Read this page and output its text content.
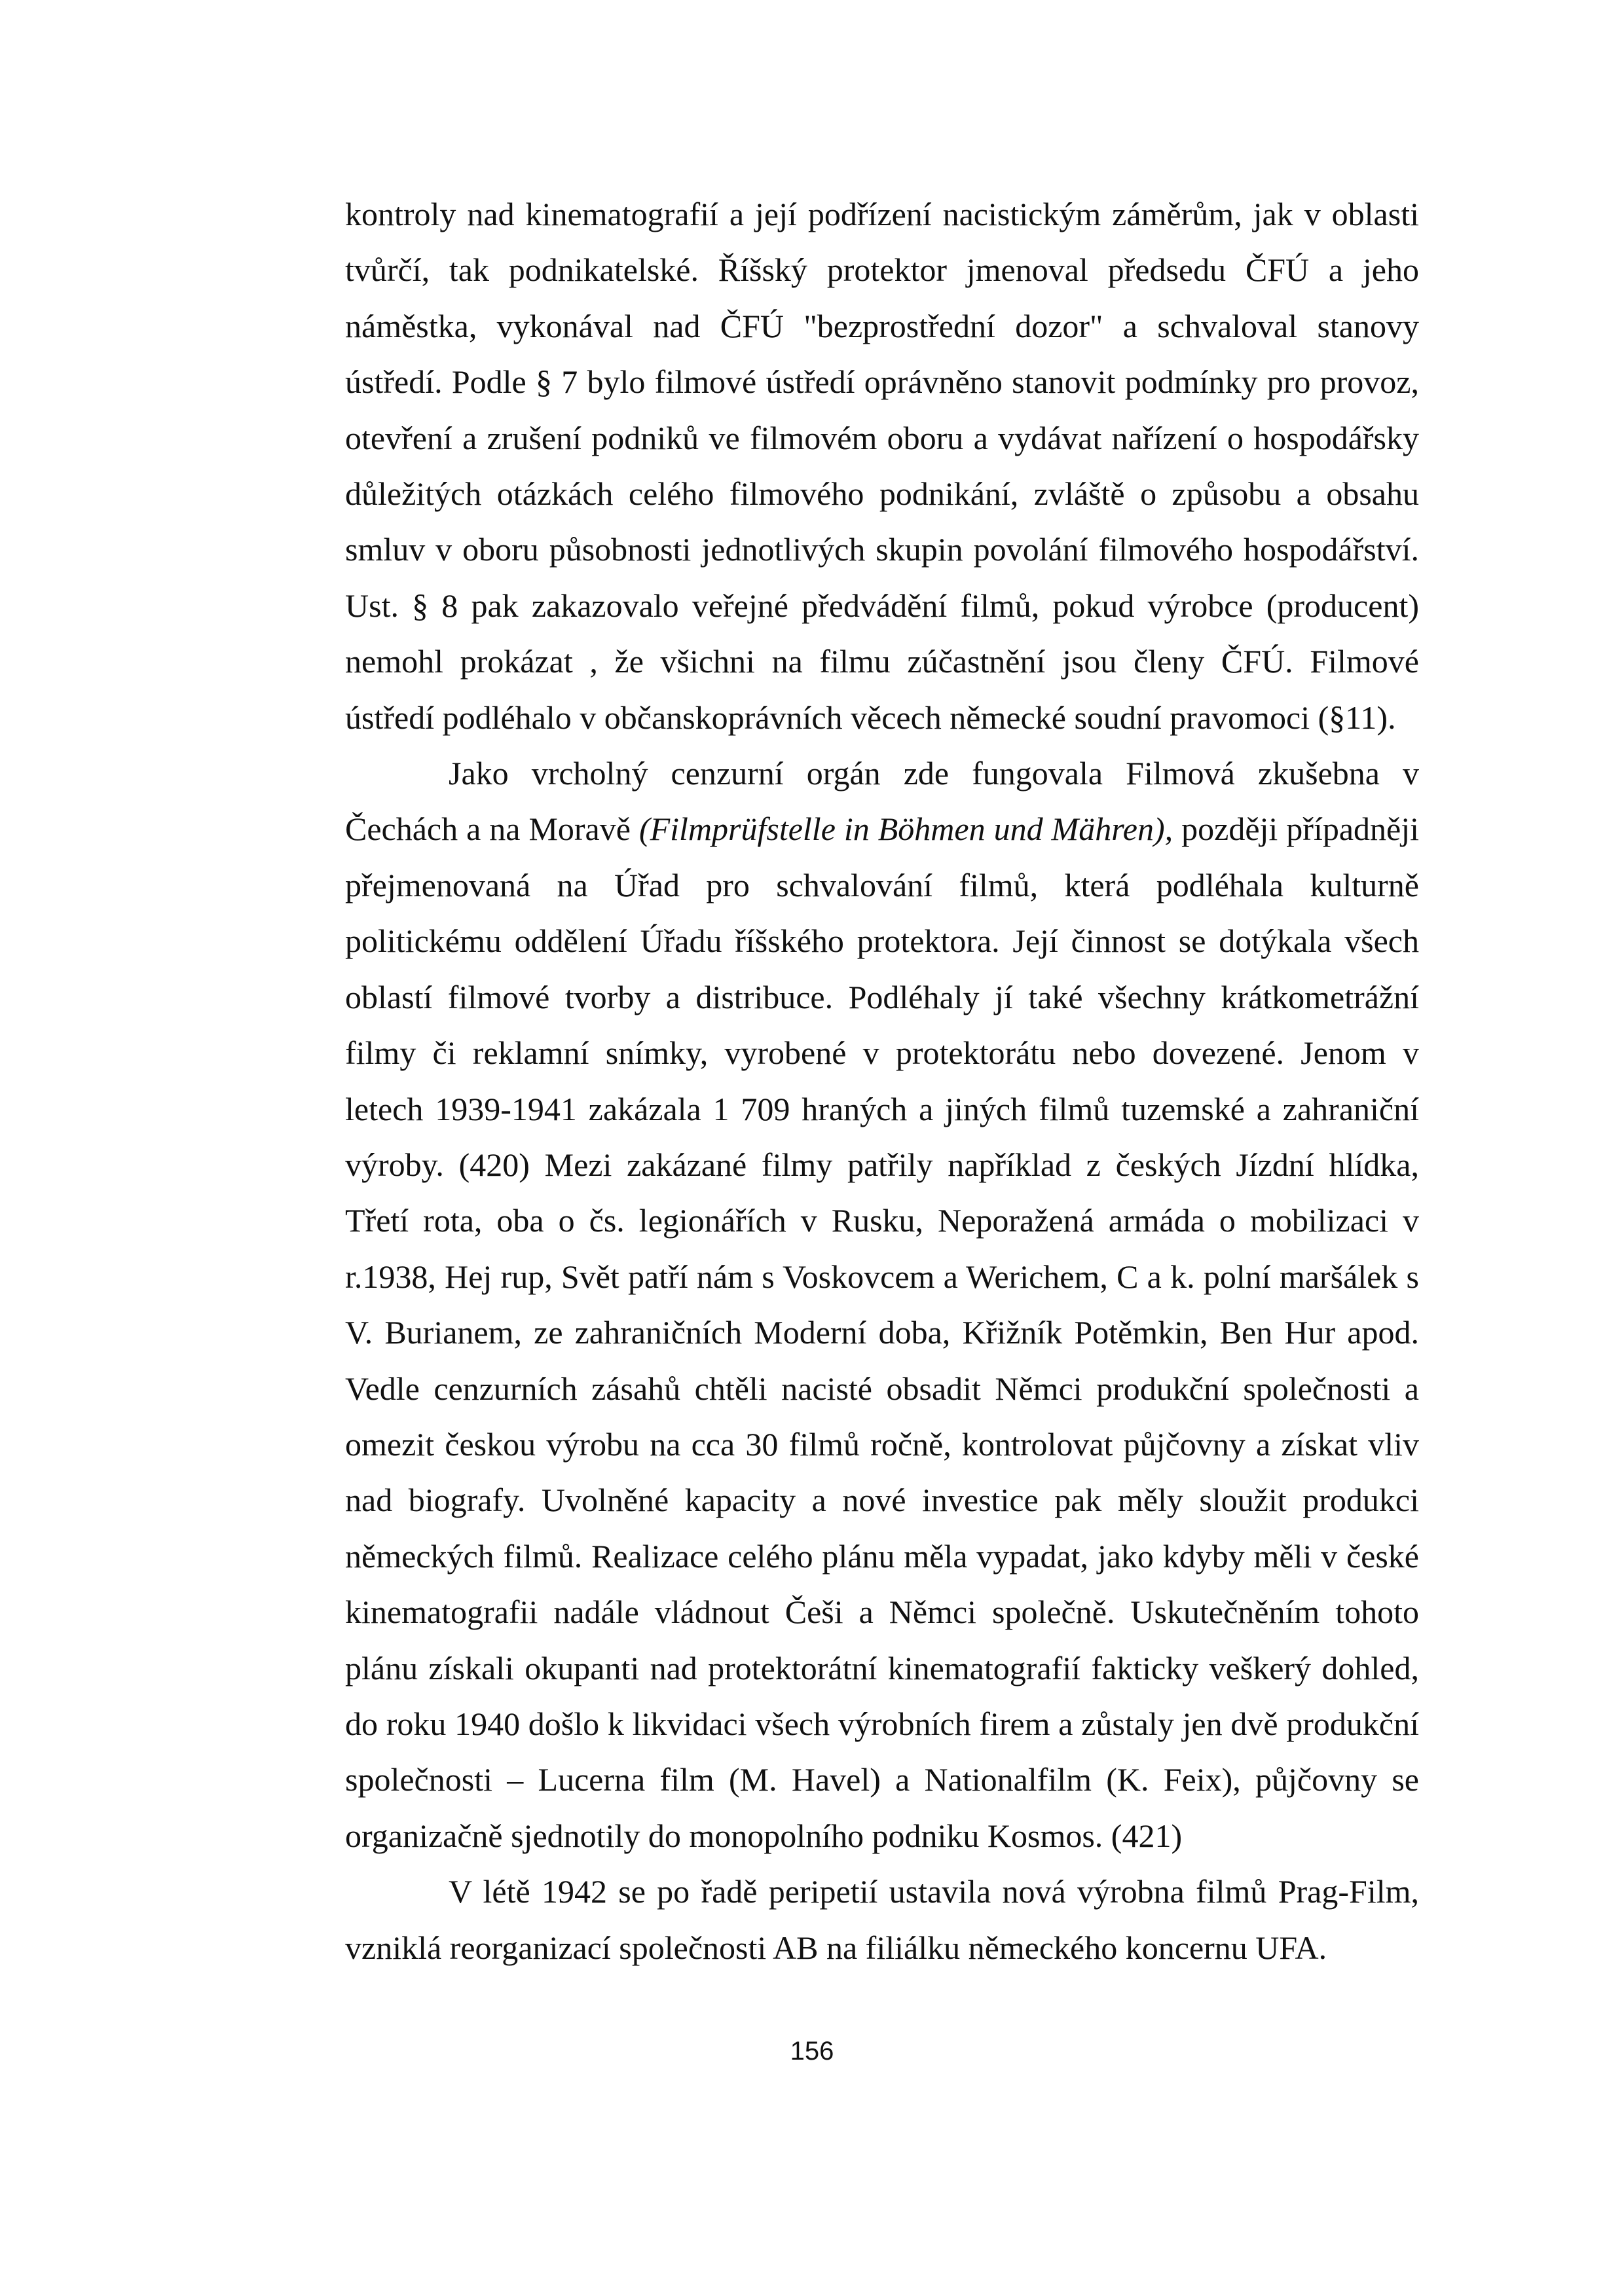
kontroly nad kinematografií a její podřízení nacistickým záměrům, jak v oblasti tvůrčí, tak podnikatelské. Říšský protektor jmenoval předsedu ČFÚ a jeho náměstka, vykonával nad ČFÚ "bezprostřední dozor" a schvaloval stanovy ústředí. Podle § 7 bylo filmové ústředí oprávněno stanovit podmínky pro provoz, otevření a zrušení podniků ve filmovém oboru a vydávat nařízení o hospodářsky důležitých otázkách celého filmového podnikání, zvláště o způsobu a obsahu smluv v oboru působnosti jednotlivých skupin povolání filmového hospodářství. Ust. § 8 pak zakazovalo veřejné předvádění filmů, pokud výrobce (producent) nemohl prokázat , že všichni na filmu zúčastnění jsou členy ČFÚ. Filmové ústředí podléhalo v občanskoprávních věcech německé soudní pravomoci (§11).

Jako vrcholný cenzurní orgán zde fungovala Filmová zkušebna v Čechách a na Moravě (Filmprüfstelle in Böhmen und Mähren), později případněji přejmenovaná na Úřad pro schvalování filmů, která podléhala kulturně politickému oddělení Úřadu říšského protektora. Její činnost se dotýkala všech oblastí filmové tvorby a distribuce. Podléhaly jí také všechny krátkometrážní filmy či reklamní snímky, vyrobené v protektorátu nebo dovezené. Jenom v letech 1939-1941 zakázala 1 709 hraných a jiných filmů tuzemské a zahraniční výroby. (420) Mezi zakázané filmy patřily například z českých Jízdní hlídka, Třetí rota, oba o čs. legionářích v Rusku, Neporažená armáda o mobilizaci v r.1938, Hej rup, Svět patří nám s Voskovcem a Werichem, C a k. polní maršálek s V. Burianem, ze zahraničních Moderní doba, Křižník Potěmkin, Ben Hur apod. Vedle cenzurních zásahů chtěli nacisté obsadit Němci produkční společnosti a omezit českou výrobu na cca 30 filmů ročně, kontrolovat půjčovny a získat vliv nad biografy. Uvolněné kapacity a nové investice pak měly sloužit produkci německých filmů. Realizace celého plánu měla vypadat, jako kdyby měli v české kinematografii nadále vládnout Češi a Němci společně. Uskutečněním tohoto plánu získali okupanti nad protektorátní kinematografií fakticky veškerý dohled, do roku 1940 došlo k likvidaci všech výrobních firem a zůstaly jen dvě produkční společnosti – Lucerna film (M. Havel) a Nationalfilm (K. Feix), půjčovny se organizačně sjednotily do monopolního podniku Kosmos. (421)

V létě 1942 se po řadě peripetií ustavila nová výrobna filmů Prag-Film, vzniklá reorganizací společnosti AB na filiálku německého koncernu UFA.

156
